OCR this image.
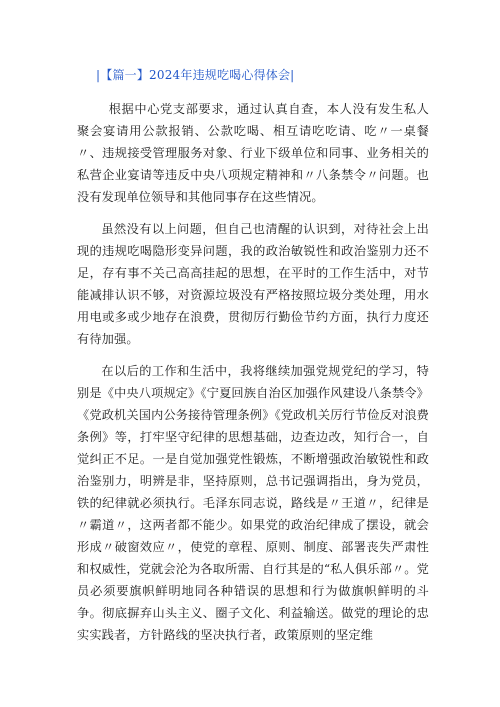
|【篇一】2024年违规吃喝心得体会|

根据中心党支部要求，通过认真自查，本人没有发生私人聚会宴请用公款报销、公款吃喝、相互请吃吃请、吃〃一桌餐〃、违规接受管理服务对象、行业下级单位和同事、业务相关的私营企业宴请等违反中央八项规定精神和〃八条禁令〃问题。也没有发现单位领导和其他同事存在这些情况。

虽然没有以上问题，但自己也清醒的认识到，对待社会上出现的违规吃喝隐形变异问题，我的政治敏锐性和政治鉴别力还不足，存有事不关己高高挂起的思想，在平时的工作生活中，对节能减排认识不够，对资源垃圾没有严格按照垃圾分类处理，用水用电或多或少地存在浪费，贯彻厉行勤俭节约方面，执行力度还有待加强。

在以后的工作和生活中，我将继续加强党规党纪的学习，特别是《中央八项规定》《宁夏回族自治区加强作风建设八条禁令》《党政机关国内公务接待管理条例》《党政机关厉行节俭反对浪费条例》等，打牢坚守纪律的思想基础，边查边改，知行合一，自觉纠正不足。一是自觉加强党性锻炼，不断增强政治敏锐性和政治鉴别力，明辨是非，坚持原则，总书记强调指出，身为党员，铁的纪律就必须执行。毛泽东同志说，路线是〃王道〃，纪律是〃霸道〃，这两者都不能少。如果党的政治纪律成了摆设，就会形成〃破窗效应〃，使党的章程、原则、制度、部署丧失严肃性和权威性，党就会沦为各取所需、自行其是的“私人俱乐部〃。党员必须要旗帜鲜明地同各种错误的思想和行为做旗帜鲜明的斗争。彻底摒弃山头主义、圈子文化、利益输送。做党的理论的忠实实践者，方针路线的坚决执行者，政策原则的坚定维
